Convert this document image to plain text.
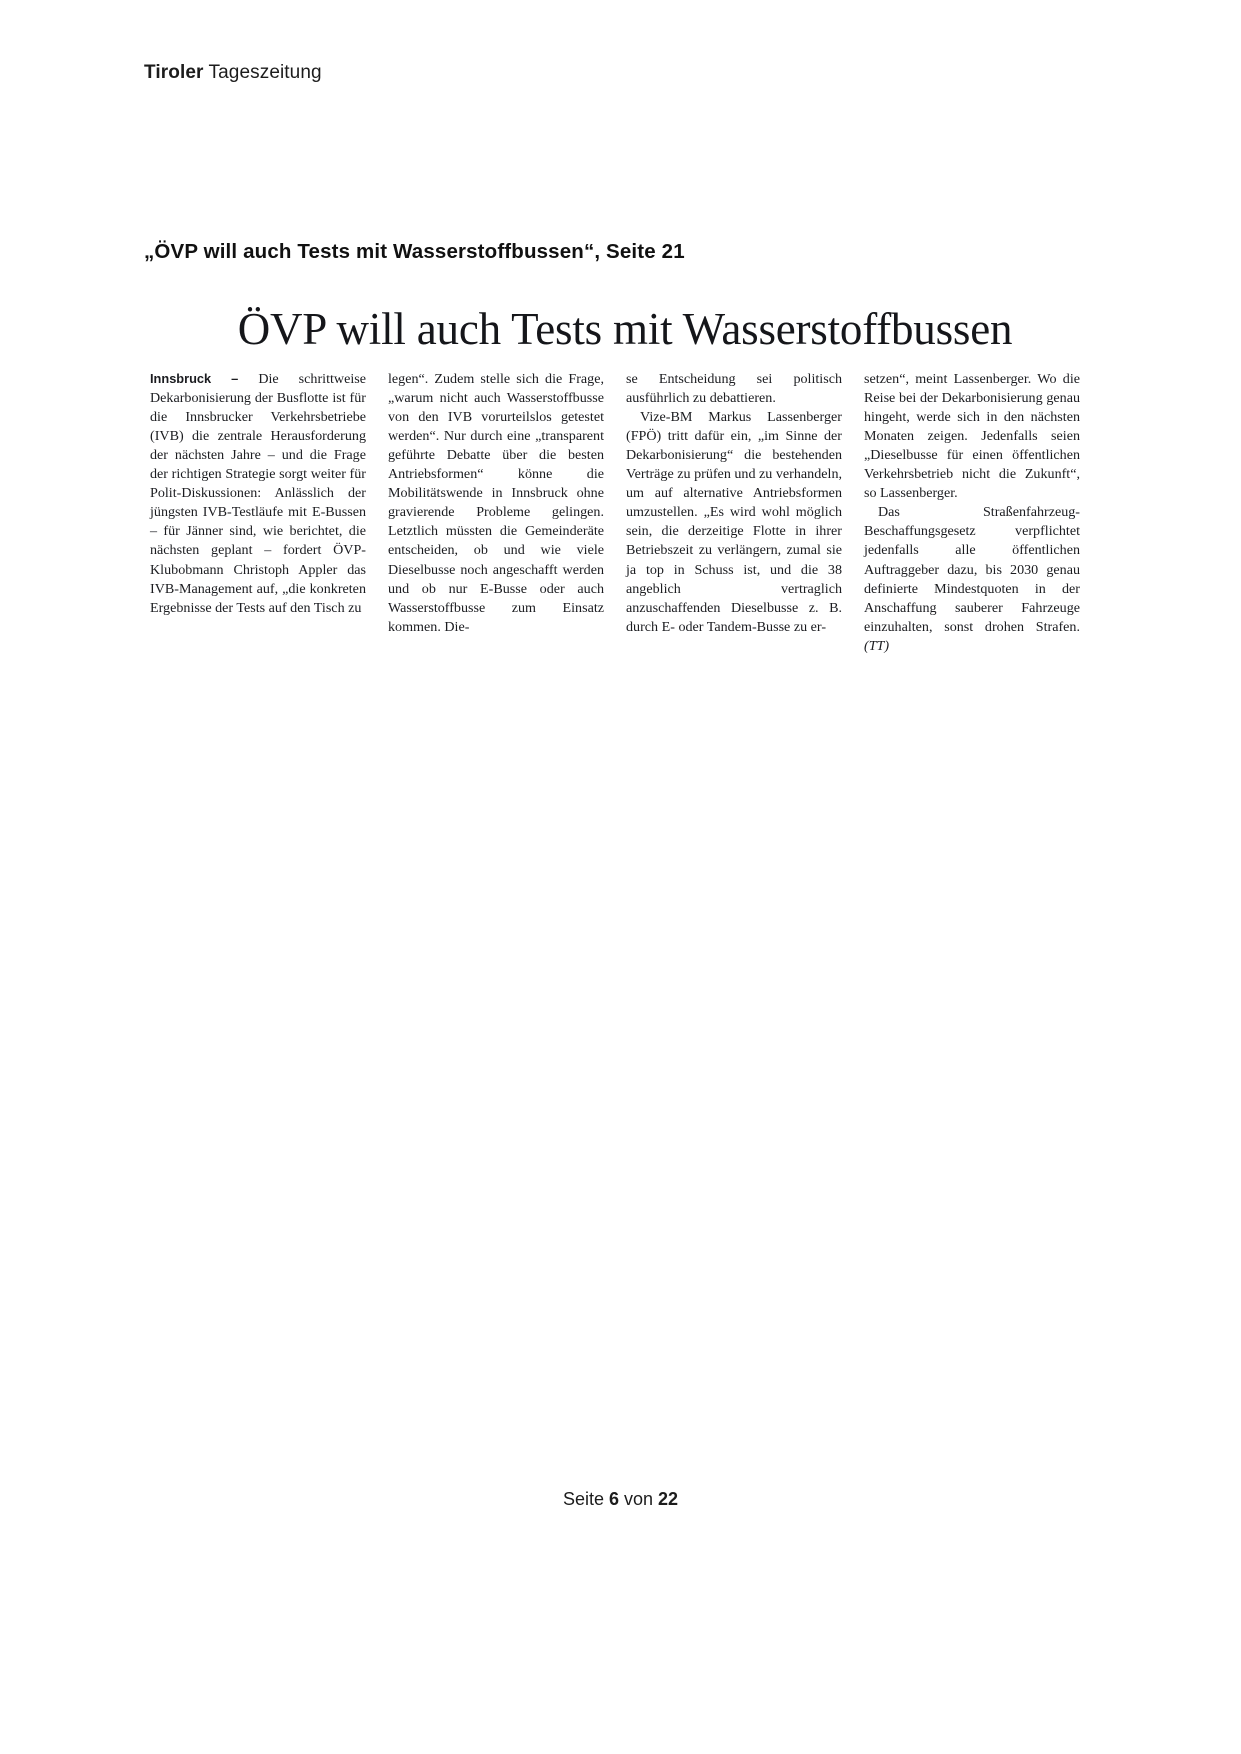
Tiroler Tageszeitung
„ÖVP will auch Tests mit Wasserstoffbussen“, Seite 21
ÖVP will auch Tests mit Wasserstoffbussen

Innsbruck – Die schrittweise Dekarbonisierung der Busflotte ist für die Innsbrucker Verkehrsbetriebe (IVB) die zentrale Herausforderung der nächsten Jahre – und die Frage der richtigen Strategie sorgt weiter für Polit-Diskussionen: Anlässlich der jüngsten IVB-Testläufe mit E-Bussen – für Jänner sind, wie berichtet, die nächsten geplant – fordert ÖVP-Klubobmann Christoph Appler das IVB-Management auf, „die konkreten Ergebnisse der Tests auf den Tisch zu

legen“. Zudem stelle sich die Frage, „warum nicht auch Wasserstoffbusse von den IVB vorurteilslos getestet werden“. Nur durch eine „transparent geführte Debatte über die besten Antriebsformen“ könne die Mobilitätswende in Innsbruck ohne gravierende Probleme gelingen. Letztlich müssten die Gemeinderäte entscheiden, ob und wie viele Dieselbusse noch angeschafft werden und ob nur E-Busse oder auch Wasserstoffbusse zum Einsatz kommen. Die-

se Entscheidung sei politisch ausführlich zu debattieren.

Vize-BM Markus Lassenberger (FPÖ) tritt dafür ein, „im Sinne der Dekarbonisierung“ die bestehenden Verträge zu prüfen und zu verhandeln, um auf alternative Antriebsformen umzustellen. „Es wird wohl möglich sein, die derzeitige Flotte in ihrer Betriebszeit zu verlängern, zumal sie ja top in Schuss ist, und die 38 angeblich vertraglich anzuschaffenden Dieselbusse z. B. durch E- oder Tandem-Busse zu er-

setzen“, meint Lassenberger. Wo die Reise bei der Dekarbonisierung genau hingeht, werde sich in den nächsten Monaten zeigen. Jedenfalls seien „Dieselbusse für einen öffentlichen Verkehrsbetrieb nicht die Zukunft“, so Lassenberger.

Das Straßenfahrzeug-Beschaffungsgesetz verpflichtet jedenfalls alle öffentlichen Auftraggeber dazu, bis 2030 genau definierte Mindestquoten in der Anschaffung sauberer Fahrzeuge einzuhalten, sonst drohen Strafen. (TT)

Seite 6 von 22
